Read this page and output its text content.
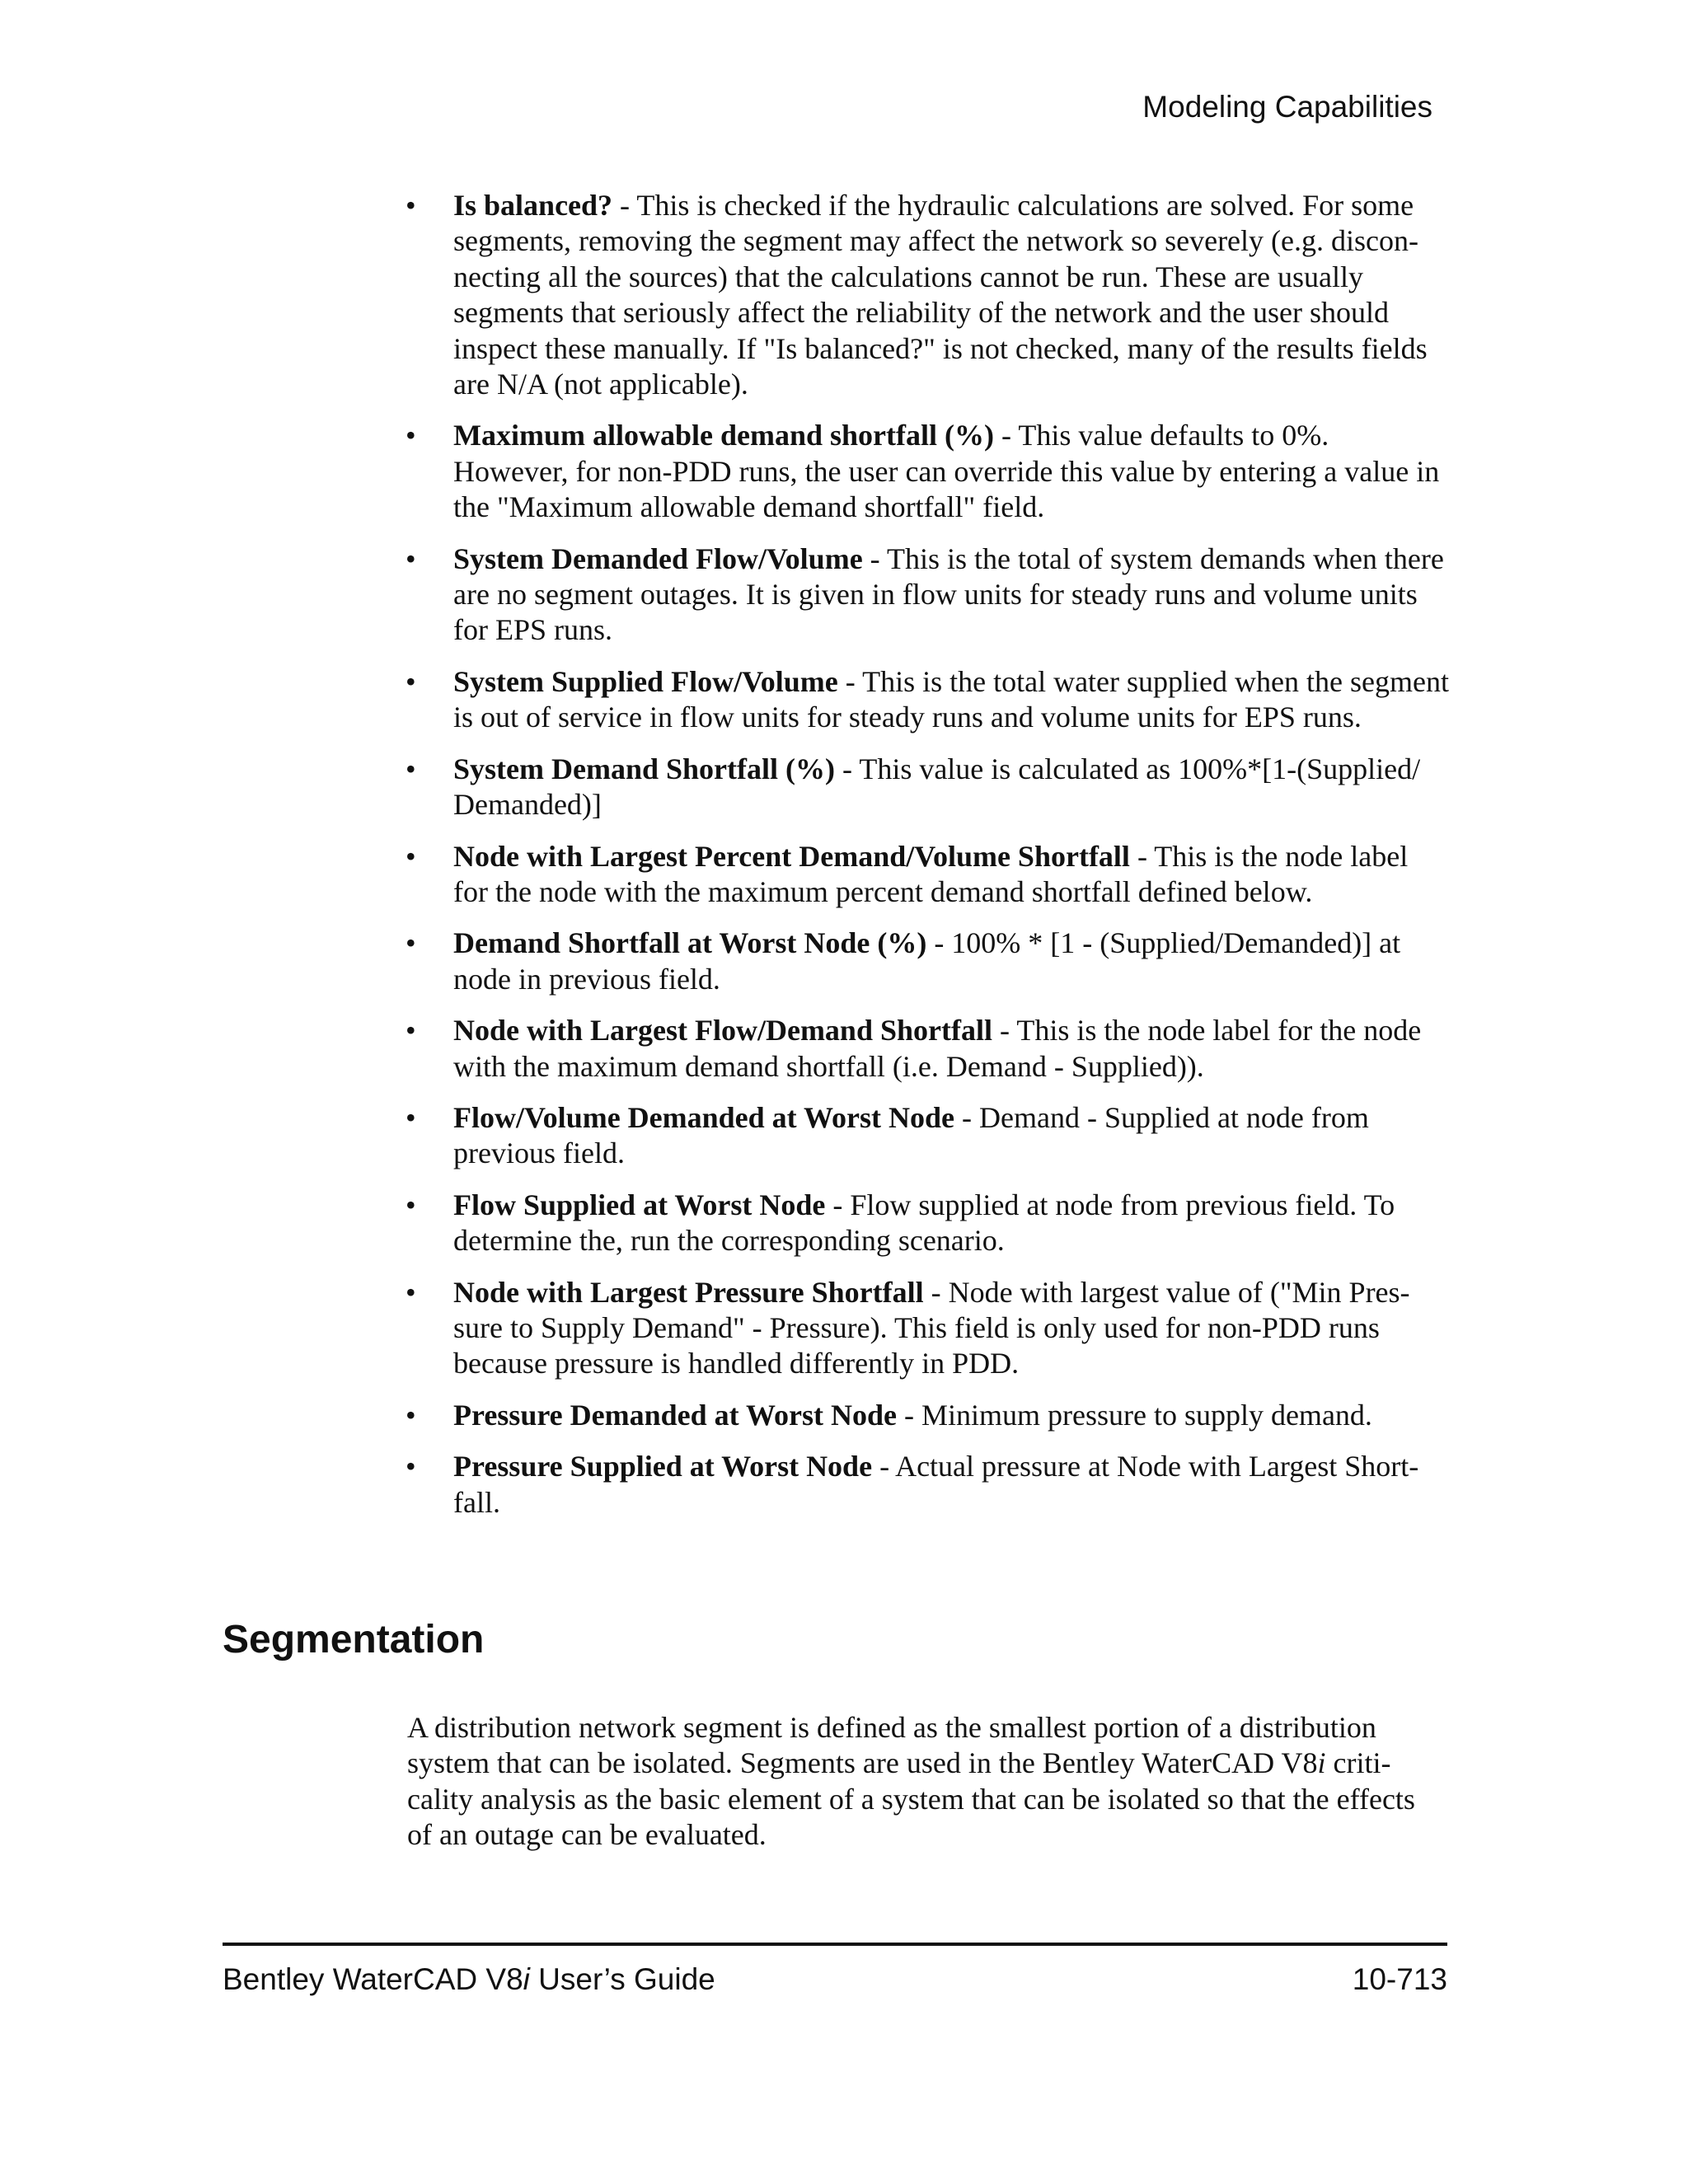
Modeling Capabilities
• Is balanced? - This is checked if the hydraulic calculations are solved. For some segments, removing the segment may affect the network so severely (e.g. disconnecting all the sources) that the calculations cannot be run. These are usually segments that seriously affect the reliability of the network and the user should inspect these manually. If "Is balanced?" is not checked, many of the results fields are N/A (not applicable).
• Maximum allowable demand shortfall (%) - This value defaults to 0%. However, for non-PDD runs, the user can override this value by entering a value in the "Maximum allowable demand shortfall" field.
• System Demanded Flow/Volume - This is the total of system demands when there are no segment outages. It is given in flow units for steady runs and volume units for EPS runs.
• System Supplied Flow/Volume - This is the total water supplied when the segment is out of service in flow units for steady runs and volume units for EPS runs.
• System Demand Shortfall (%) - This value is calculated as 100%*[1-(Supplied/​Demanded)]
• Node with Largest Percent Demand/Volume Shortfall - This is the node label for the node with the maximum percent demand shortfall defined below.
• Demand Shortfall at Worst Node (%) - 100% * [1 - (Supplied/Demanded)] at node in previous field.
• Node with Largest Flow/Demand Shortfall - This is the node label for the node with the maximum demand shortfall (i.e. Demand - Supplied)).
• Flow/Volume Demanded at Worst Node - Demand - Supplied at node from previous field.
• Flow Supplied at Worst Node - Flow supplied at node from previous field. To determine the, run the corresponding scenario.
• Node with Largest Pressure Shortfall - Node with largest value of ("Min Pressure to Supply Demand" - Pressure). This field is only used for non-PDD runs because pressure is handled differently in PDD.
• Pressure Demanded at Worst Node - Minimum pressure to supply demand.
• Pressure Supplied at Worst Node - Actual pressure at Node with Largest Shortfall.
Segmentation

A distribution network segment is defined as the smallest portion of a distribution system that can be isolated. Segments are used in the Bentley WaterCAD V8i criticality analysis as the basic element of a system that can be isolated so that the effects of an outage can be evaluated.

Bentley WaterCAD V8i User’s Guide	10-713
